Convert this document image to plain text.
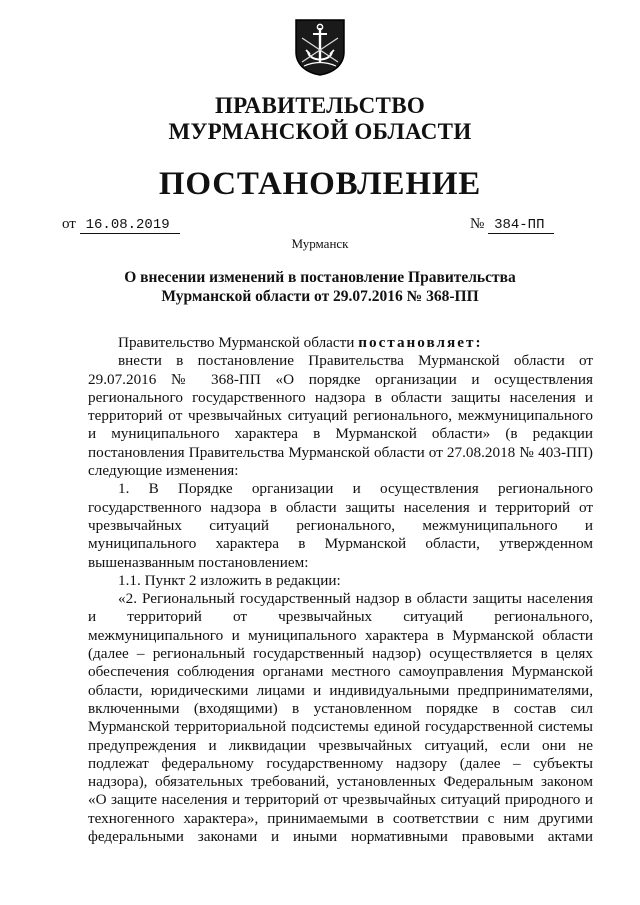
ПРАВИТЕЛЬСТВО
МУРМАНСКОЙ ОБЛАСТИ
ПОСТАНОВЛЕНИЕ
от 16.08.2019	№ 384-ПП
Мурманск
О внесении изменений в постановление Правительства
Мурманской области от 29.07.2016 № 368-ПП

Правительство Мурманской области постановляет:

внести в постановление Правительства Мурманской области от 29.07.2016 № 368-ПП «О порядке организации и осуществления регионального государственного надзора в области защиты населения и территорий от чрезвычайных ситуаций регионального, межмуниципального и муниципального характера в Мурманской области» (в редакции постановления Правительства Мурманской области от 27.08.2018 № 403-ПП) следующие изменения:

1. В Порядке организации и осуществления регионального государственного надзора в области защиты населения и территорий от чрезвычайных ситуаций регионального, межмуниципального и муниципального характера в Мурманской области, утвержденном вышеназванным постановлением:

1.1. Пункт 2 изложить в редакции:

«2. Региональный государственный надзор в области защиты населения и территорий от чрезвычайных ситуаций регионального, межмуниципального и муниципального характера в Мурманской области (далее – региональный государственный надзор) осуществляется в целях обеспечения соблюдения органами местного самоуправления Мурманской области, юридическими лицами и индивидуальными предпринимателями, включенными (входящими) в установленном порядке в состав сил Мурманской территориальной подсистемы единой государственной системы предупреждения и ликвидации чрезвычайных ситуаций, если они не подлежат федеральному государственному надзору (далее – субъекты надзора), обязательных требований, установленных Федеральным законом «О защите населения и территорий от чрезвычайных ситуаций природного и техногенного характера», принимаемыми в соответствии с ним другими федеральными законами и иными нормативными правовыми актами
